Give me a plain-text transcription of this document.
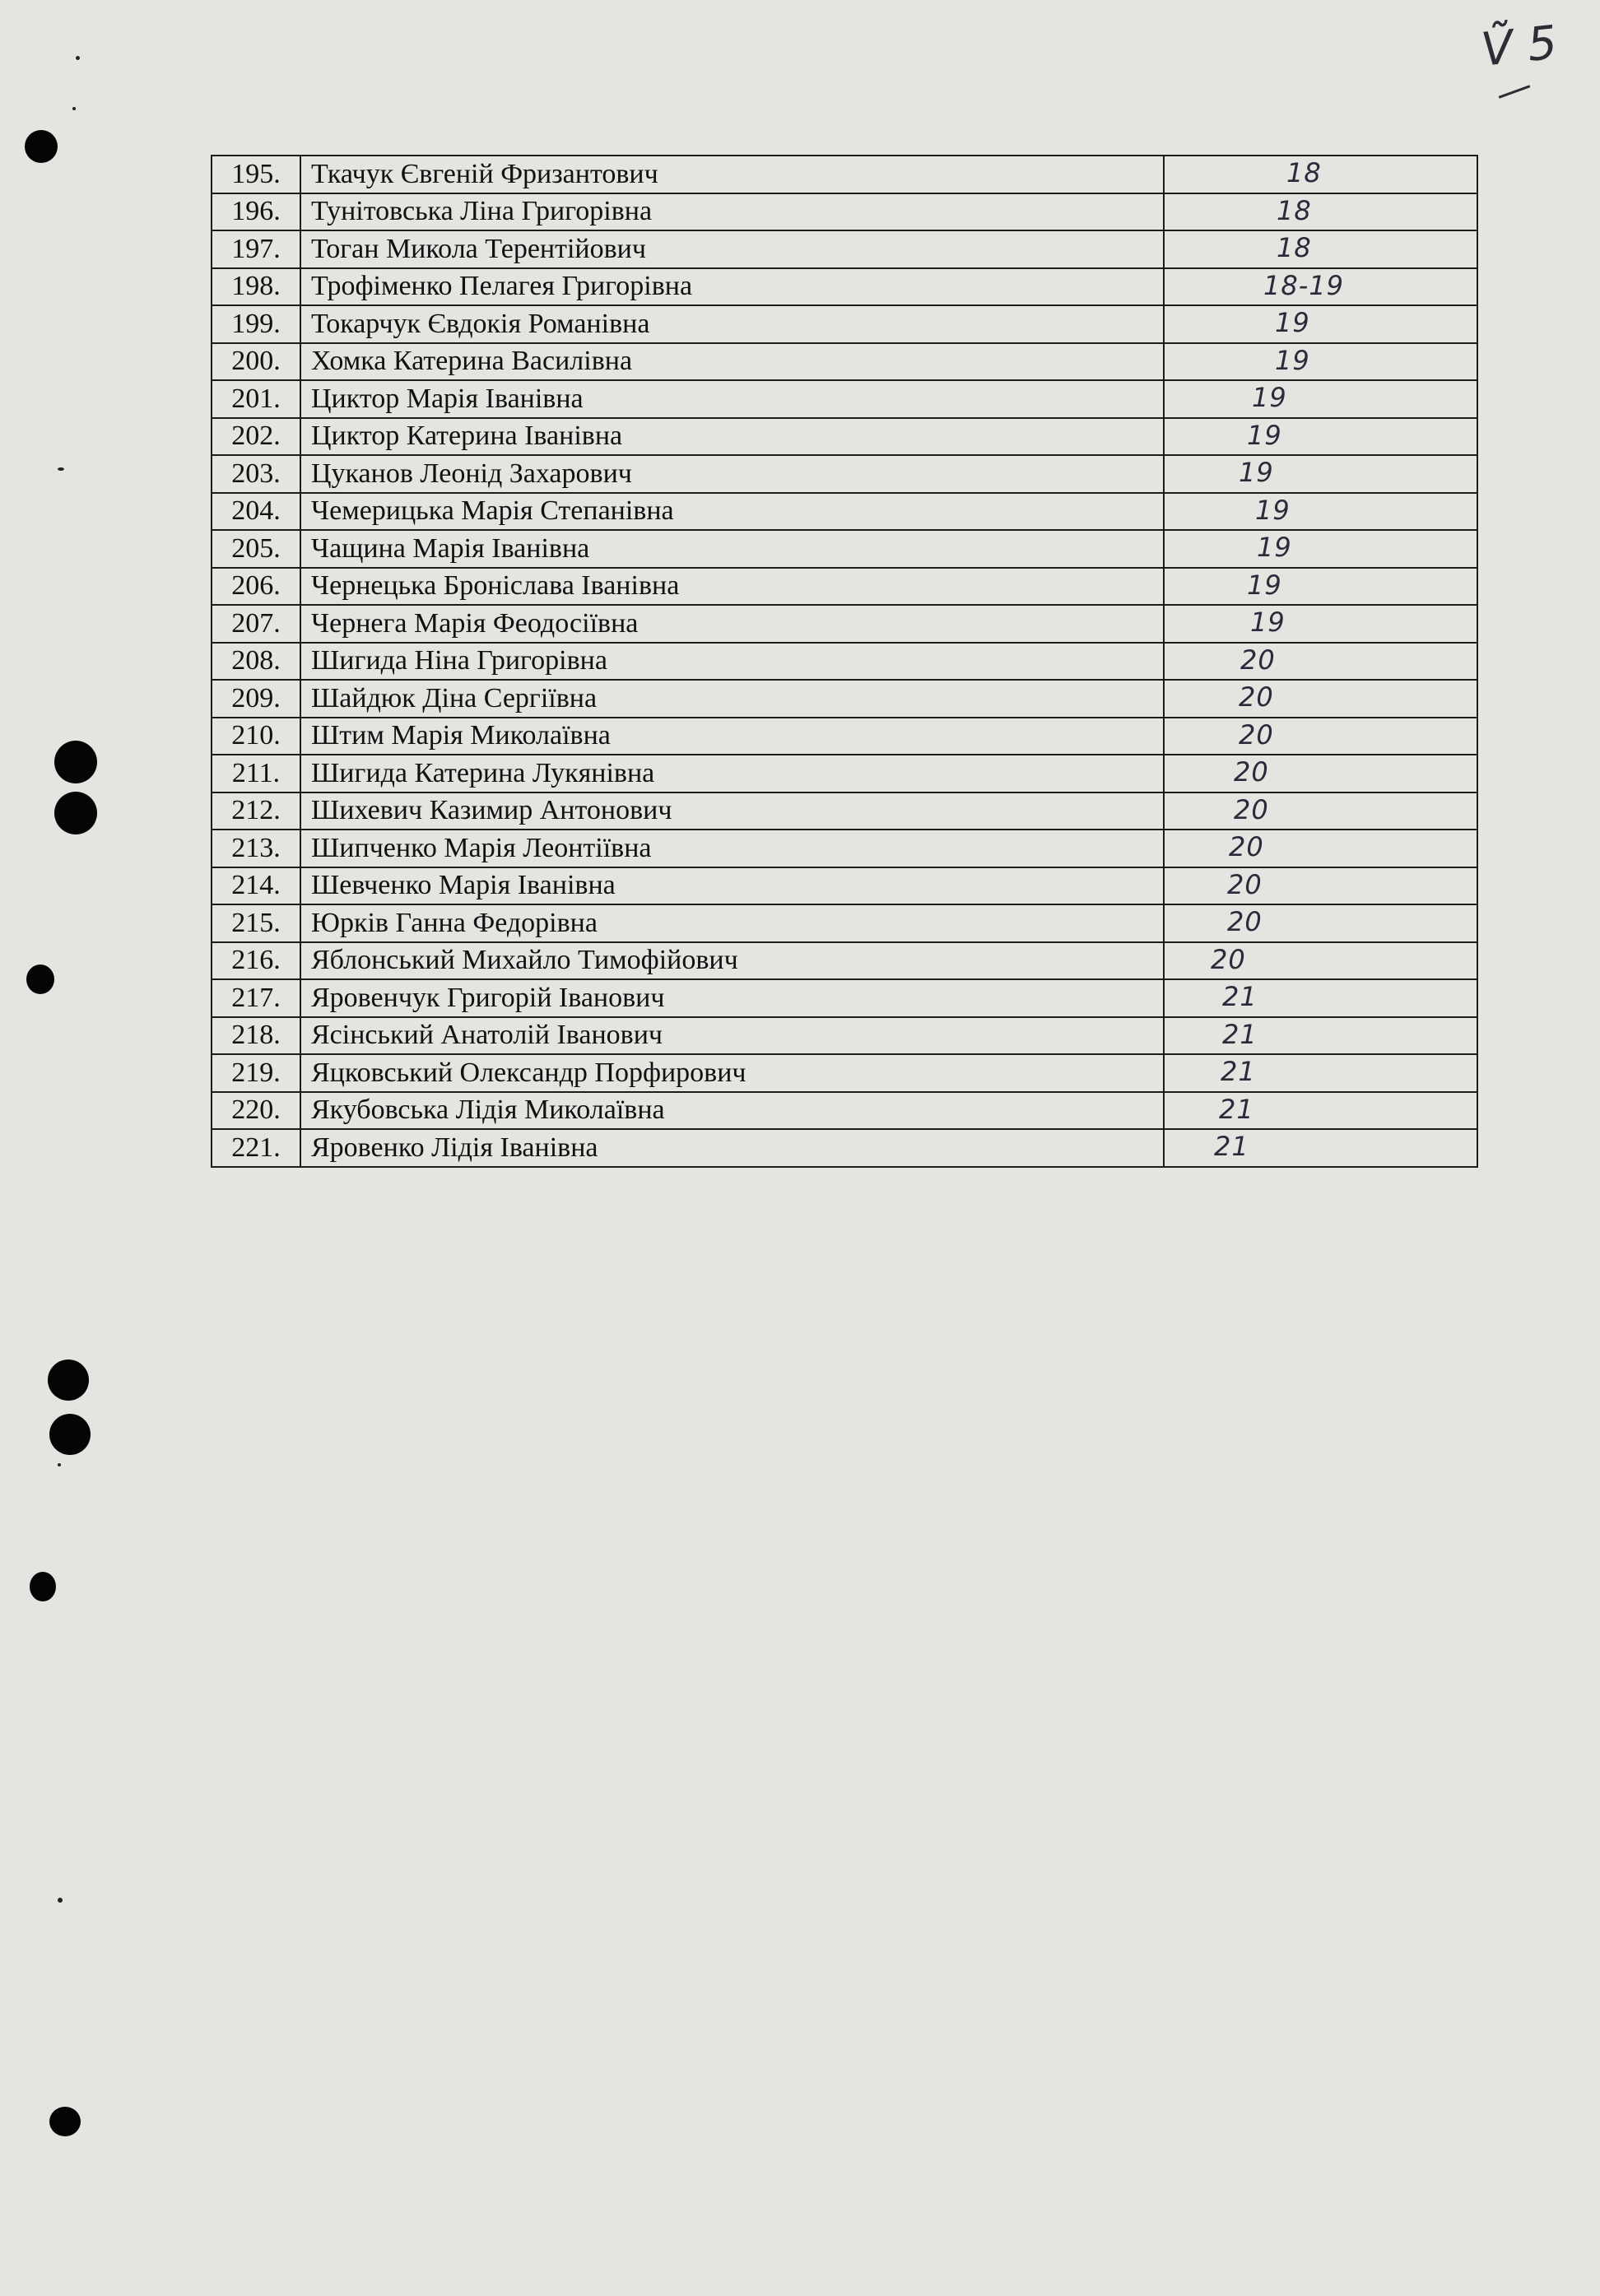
Ṽ 5
195.	Ткачук Євгеній Фризантович	18

196.	Тунітовська Ліна Григорівна	18

197.	Тоган Микола Терентійович	18

198.	Трофіменко Пелагея Григорівна	18-19

199.	Токарчук Євдокія Романівна	19

200.	Хомка Катерина Василівна	19

201.	Циктор Марія Іванівна	19

202.	Циктор Катерина Іванівна	19

203.	Цуканов Леонід Захарович	19

204.	Чемерицька Марія Степанівна	19

205.	Чащина Марія Іванівна	19

206.	Чернецька Броніслава Іванівна	19

207.	Чернега Марія Феодосіївна	19

208.	Шигида Ніна Григорівна	20

209.	Шайдюк Діна Сергіївна	20

210.	Штим Марія Миколаївна	20

211.	Шигида Катерина Лукянівна	20

212.	Шихевич Казимир Антонович	20

213.	Шипченко Марія Леонтіївна	20

214.	Шевченко Марія Іванівна	20

215.	Юрків Ганна Федорівна	20

216.	Яблонський Михайло Тимофійович	20

217.	Яровенчук Григорій Іванович	21

218.	Ясінський Анатолій Іванович	21

219.	Яцковський Олександр Порфирович	21

220.	Якубовська Лідія Миколаївна	21

221.	Яровенко Лідія Іванівна	21
